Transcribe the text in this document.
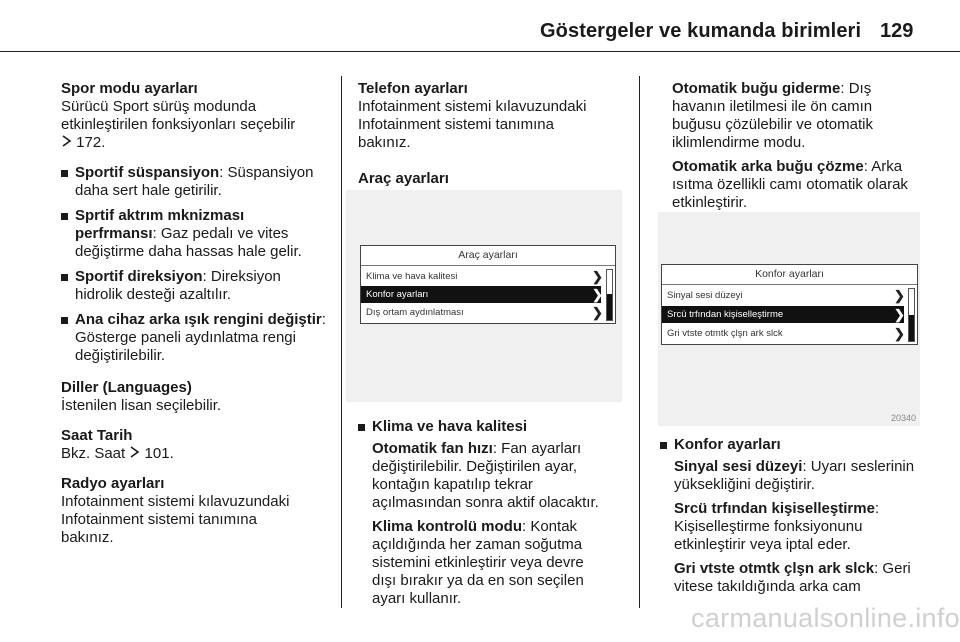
Göstergeler ve kumanda birimleri 129
Spor modu ayarları
Sürücü Sport sürüş modunda
etkinleştirilen fonksiyonları seçebilir

172.

Sportif süspansiyon: Süspansiyon
daha sert hale getirilir.
Sprtif aktrım mknizması
perfrmansı: Gaz pedalı ve vites
değiştirme daha hassas hale gelir.
Sportif direksiyon: Direksiyon
hidrolik desteği azaltılır.
Ana cihaz arka ışık rengini değiştir:
Gösterge paneli aydınlatma rengi
değiştirilebilir.
Diller (Languages)

İstenilen lisan seçilebilir.

Saat Tarih

Bkz. Saat 101.

Radyo ayarları
Infotainment sistemi kılavuzundaki
Infotainment sistemi tanımına
bakınız.
Telefon ayarları
Infotainment sistemi kılavuzundaki
Infotainment sistemi tanımına
bakınız.
Araç ayarları
Araç ayarları
Klima ve hava kalitesi	❯
Konfor ayarları	❯
Dış ortam aydınlatması	❯
Klima ve hava kalitesi
Otomatik fan hızı: Fan ayarları
değiştirilebilir. Değiştirilen ayar,
kontağın kapatılıp tekrar
açılmasından sonra aktif olacaktır.
Klima kontrolü modu: Kontak
açıldığında her zaman soğutma
sistemini etkinleştirir veya devre
dışı bırakır ya da en son seçilen
ayarı kullanır.

Otomatik buğu giderme: Dış
havanın iletilmesi ile ön camın
buğusu çözülebilir ve otomatik
iklimlendirme modu.

Otomatik arka buğu çözme: Arka
ısıtma özellikli camı otomatik olarak
etkinleştirir.

Konfor ayarları
Sinyal sesi düzeyi	❯
Srcü trfından kişiselleştirme	❯
Gri vtste otmtk çlşn ark slck	❯
20340
Konfor ayarları
Sinyal sesi düzeyi: Uyarı seslerinin
yüksekliğini değiştirir.
Srcü trfından kişiselleştirme:
Kişiselleştirme fonksiyonunu
etkinleştirir veya iptal eder.
Gri vtste otmtk çlşn ark slck: Geri
vitese takıldığında arka cam
carmanualsonline.info
